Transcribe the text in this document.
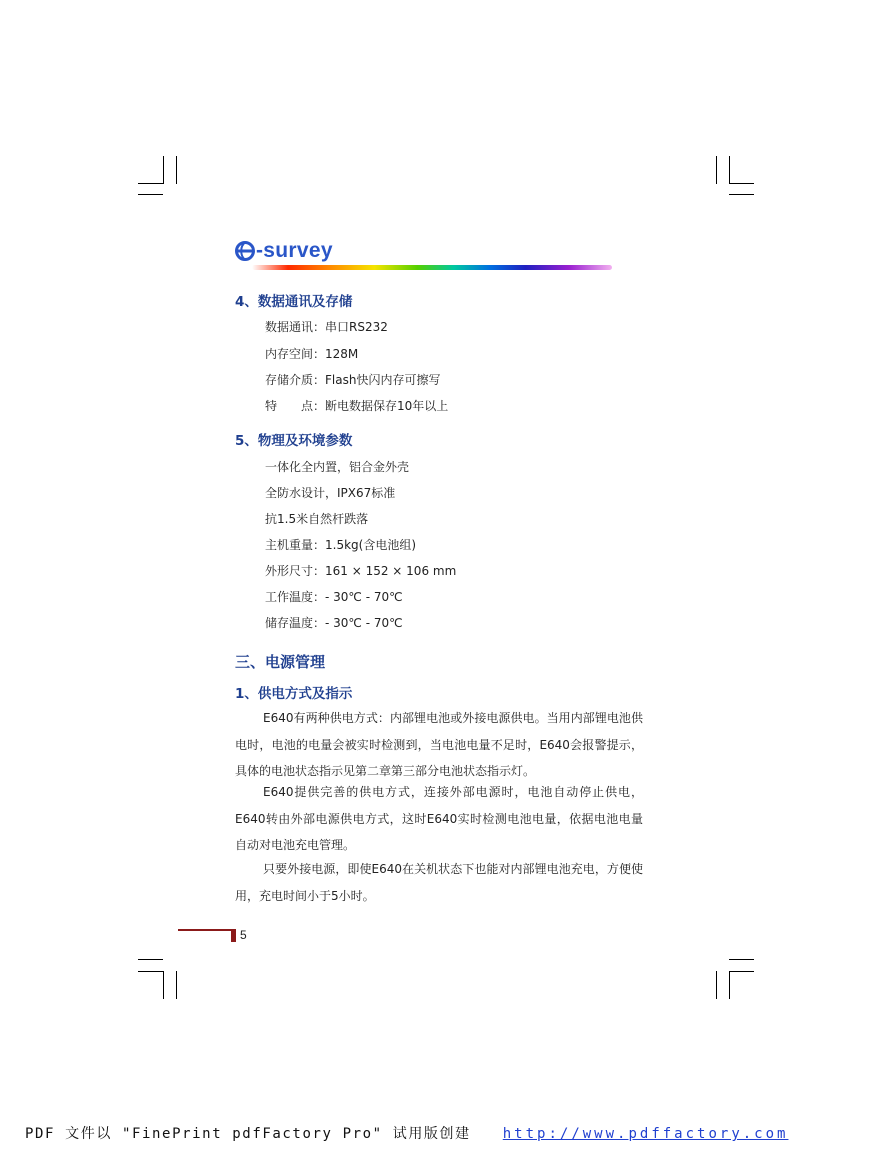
-survey
4、数据通讯及存储
数据通讯：串口RS232
内存空间：128M
存储介质：Flash快闪内存可擦写
特　　点：断电数据保存10年以上
5、物理及环境参数
一体化全内置，铝合金外壳
全防水设计，IPX67标准
抗1.5米自然杆跌落
主机重量：1.5kg(含电池组)
外形尺寸：161 × 152 × 106 mm
工作温度：- 30℃ - 70℃
储存温度：- 30℃ - 70℃
三、电源管理
1、供电方式及指示
E640有两种供电方式：内部锂电池或外接电源供电。当用内部锂电池供电时，电池的电量会被实时检测到，当电池电量不足时，E640会报警提示，具体的电池状态指示见第二章第三部分电池状态指示灯。
E640提供完善的供电方式，连接外部电源时，电池自动停止供电，E640转由外部电源供电方式，这时E640实时检测电池电量，依据电池电量自动对电池充电管理。
只要外接电源，即使E640在关机状态下也能对内部锂电池充电，方便使用，充电时间小于5小时。
5
PDF 文件以 "FinePrint pdfFactory Pro" 试用版创建 http://www.pdffactory.com
